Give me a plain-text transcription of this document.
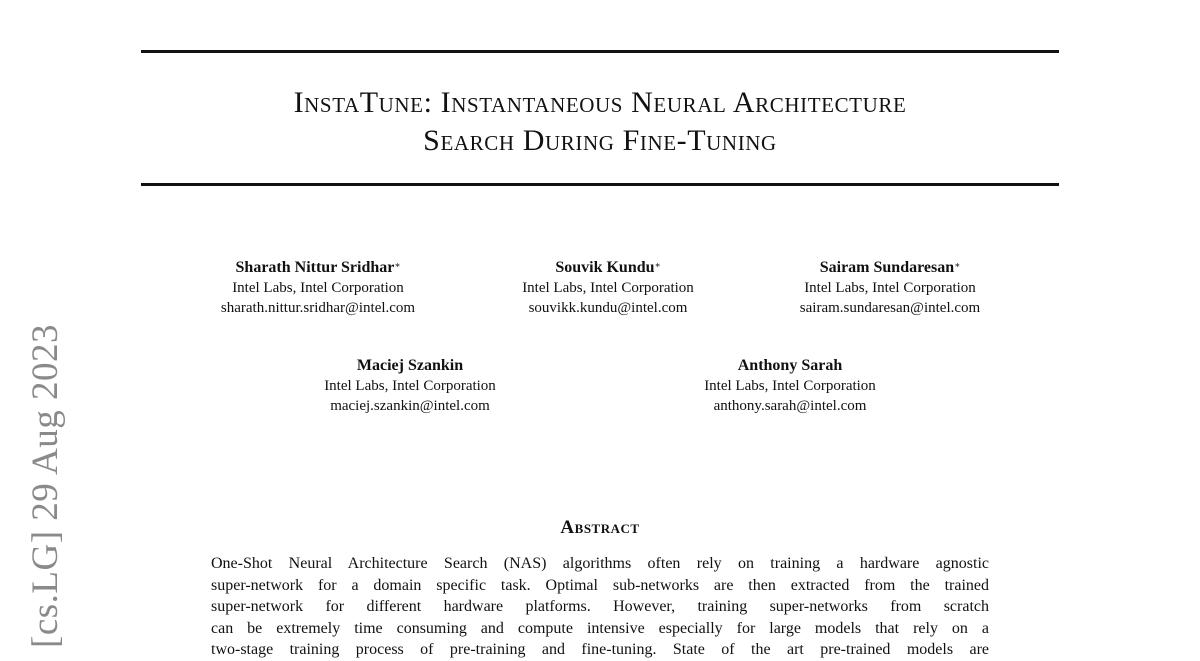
[cs.LG] 29 Aug 2023
InstaTune: Instantaneous Neural Architecture
Search During Fine-Tuning
Sharath Nittur Sridhar∗
Intel Labs, Intel Corporation
sharath.nittur.sridhar@intel.com
Souvik Kundu∗
Intel Labs, Intel Corporation
souvikk.kundu@intel.com
Sairam Sundaresan∗
Intel Labs, Intel Corporation
sairam.sundaresan@intel.com
Maciej Szankin
Intel Labs, Intel Corporation
maciej.szankin@intel.com
Anthony Sarah
Intel Labs, Intel Corporation
anthony.sarah@intel.com
Abstract
One-Shot Neural Architecture Search (NAS) algorithms often rely on training a hardware agnostic
super-network for a domain specific task. Optimal sub-networks are then extracted from the trained
super-network for different hardware platforms. However, training super-networks from scratch
can be extremely time consuming and compute intensive especially for large models that rely on a
two-stage training process of pre-training and fine-tuning. State of the art pre-trained models are
